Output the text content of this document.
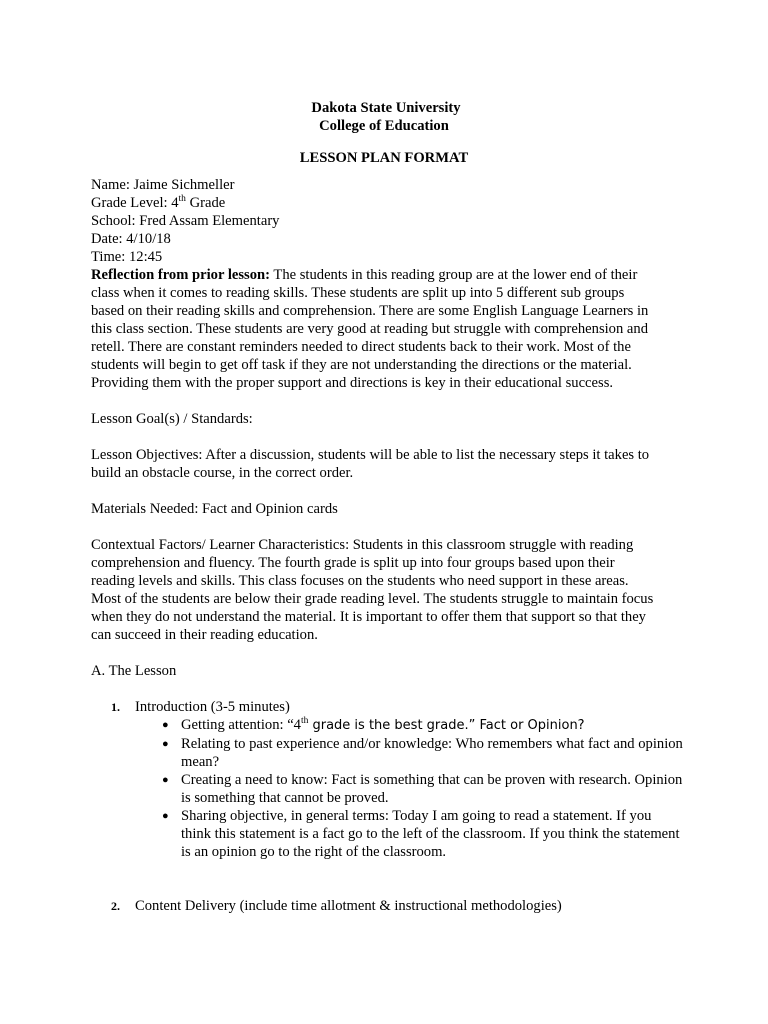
Dakota State University
College of Education
LESSON PLAN FORMAT
Name: Jaime Sichmeller
Grade Level: 4th Grade
School: Fred Assam Elementary
Date: 4/10/18
Time: 12:45
Reflection from prior lesson: The students in this reading group are at the lower end of their
class when it comes to reading skills. These students are split up into 5 different sub groups
based on their reading skills and comprehension. There are some English Language Learners in
this class section. These students are very good at reading but struggle with comprehension and
retell. There are constant reminders needed to direct students back to their work. Most of the
students will begin to get off task if they are not understanding the directions or the material.
Providing them with the proper support and directions is key in their educational success.
Lesson Goal(s) / Standards:
Lesson Objectives: After a discussion, students will be able to list the necessary steps it takes to
build an obstacle course, in the correct order.
Materials Needed: Fact and Opinion cards
Contextual Factors/ Learner Characteristics: Students in this classroom struggle with reading
comprehension and fluency. The fourth grade is split up into four groups based upon their
reading levels and skills. This class focuses on the students who need support in these areas.
Most of the students are below their grade reading level. The students struggle to maintain focus
when they do not understand the material. It is important to offer them that support so that they
can succeed in their reading education.
A. The Lesson
1. Introduction (3-5 minutes)
● Getting attention: “4th grade is the best grade.” Fact or Opinion?
● Relating to past experience and/or knowledge: Who remembers what fact and opinion
mean?
● Creating a need to know: Fact is something that can be proven with research. Opinion
is something that cannot be proved.
● Sharing objective, in general terms: Today I am going to read a statement. If you
think this statement is a fact go to the left of the classroom. If you think the statement
is an opinion go to the right of the classroom.
2. Content Delivery (include time allotment & instructional methodologies)
